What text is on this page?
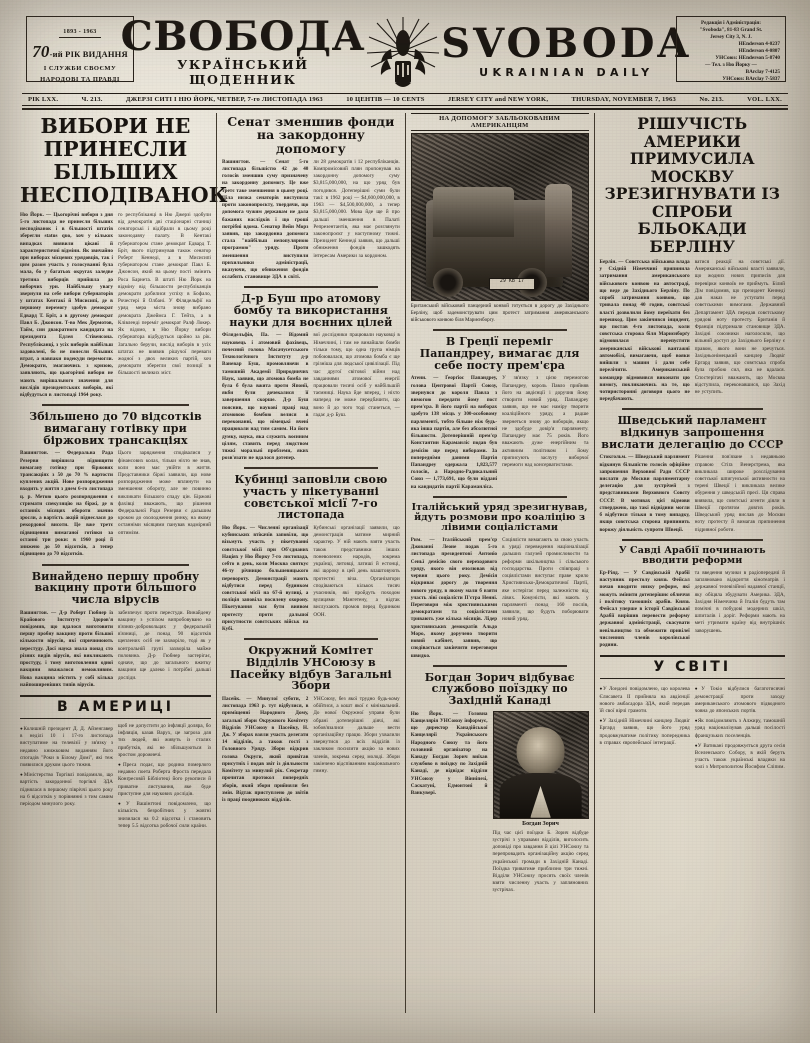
1893 - 1963
70-ий РІК ВИДАННЯ
І СЛУЖБИ СВОЄМУ
НАРОДОВІ ТА ПРАВДІ
СВОБОДА
УКРАЇНСЬКИЙ ЩОДЕННИК
SVOBODA
UKRAINIAN DAILY
Редакція і Адміністрація:
"Svoboda", 81-83 Grand St.
Jersey City 3, N. J.
HEnderson 4-0237
HEnderson 4-0807
УНСоюз: HEnderson 5-8740
— Тел. з Ню Йорку —
BArclay 7-4125
УНСоюз: BArclay 7-5837
РІК LXX.	Ч. 213.	ДЖЕРЗІ СИТІ І НЮ ЙОРК, ЧЕТВЕР, 7-го ЛИСТОПАДА 1963	10 ЦЕНТІВ — 10 CENTS	JERSEY CITY and NEW YORK,	THURSDAY, NOVEMBER 7, 1963	No. 213.	VOL. LXX.
ВИБОРИ НЕ ПРИНЕСЛИ БІЛЬШИХ НЕСПОДІВАНОК
Ню Йорк. — Цьогорічні вибори з дня 5-го листопада не принесли більших несподіванок і в більшості штатів зберегли status quo, хоч у кількох випадках виявили цікаві й характеристичні відміни. Як звичайно при виборах місцевих урядовців, так і цим разом участь у голосуванні була мала, бо у багатьох округах заледве третина виборців прийшла до виборчих урн. Найбільшу увагу звернули на себе вибори ґубернаторів у штатах Кентакі й Мисисипі, де в першому перемогу здобув демократ Едвард Т. Бріт, а в другому демократ Павл Б. Джонсон. Т-во Мек Дермотов, Тайм, син двакратного кандидата на президента Едлея Стівенсона. Республіканці, з усіх виборів найбільш задоволені, бо не понесли більших втрат, а навпаки подекуди перемогли. Демократи, змагаючись з кризою, заявляють, що цьогорічні вибори не мають вирішального значення для вислідів президентських виборів, які відбудуться в листопаді 1964 року.
го республіканці в Ню Джерзі здобули від демократів дві стаціонарні станиці сенаторські і відібрали в цьому році законодавчу палату. В Кентакі ґубернатором стане демократ Едвард Т. Бріт, якого підтримував також сенатор Роберт Кеннеді, а в Мисисипі ґубернатором стане демократ Павл Б. Джонсон, який на цьому пості змінить Роса Барнета. В штаті Ню Йорк на відміну від більшости республіканців демократи добилися успіху в Бофало, Рочестері й Олбані. У Філядельфії на уряд мера міста знову вибрано демократа Джеймса Г. Тейта, а в Клівленді переміг демократ Ралф Локер. Як відомо, в Ню Йорку вибори ґубернатора відбудуться щойно за рік. Загально беручи, вислід виборів в усіх штатах не виявив рішучої переваги жодної з двох великих партій, хоч демократи зберегли свої позиції в більшості великих міст.
Збільшено до 70 відсотків вимагану готівку при біржових трансакціях
Вашингтон. — Федеральна Рада Резерви вирішила підвищити вимагану готівку при біржових трансакціях з 50 до 70 % вартости куплених акцій. Нове розпорядження входить у життя з днем 6-го листопада ц. р. Метою цього розпорядження є стримати спекуляцію на біржі, де в останніх місяцях обороти значно зросли, а вартість акцій піднеслася до рекордової висоти. Це вже третє підвищення вимаганої готівки за останні три роки: в 1960 році її знижено до 50 відсотків, а тепер підвищено до 70 відсотків.
Цього зарядження сподівалися у фінансових колах, тільки ніхто не знав, коли воно має увійти в життя. Представники біржі заявили, що нове розпорядження може вплинути на зменшення обороту, але не повинно викликати більшого спаду цін. Біржові фахівці вважають, що рішення Федеральної Ради Резерви є дальшим кроком до охолодження ринку, на якому останніми місяцями панував надмірний оптимізм.
Винайдено першу пробну вакцину проти більшого числа вірусів
Вашингтон. — Д-р Роберт Гюбнер із Крайового Інституту Здоров'я повідомив, що вдалося виготовити першу пробну вакцину проти більшої кількости вірусів, які спричинюють перестуду. Досі наука знала понад сто різних видів вірусів, які викликають простуду, і тому виготовлення одної вакцини вважалося неможливим. Нова вакцина містить у собі кілька найпоширеніших типів вірусів.
забезпечує проти перестуди. Винайдену вакцину з успіхом випробовувано на в'язнях-добровольцях у федеральній в'язниці, де понад 90 відсотків щеплених осіб не захворіло, тоді як у контрольній групі захворіла майже половина. Д-р Гюбнер застерігає, одначе, що до загального вжитку вакцини ще далеко і потрібні дальші досліди.
В АМЕРИЦІ
● Колишній президент Д. Д. Айзенгавер в неділі 10 і 17-го листопада виступатиме на телевізії у зв'язку з недавно книжковим виданням його спогадів "Роки в Білому Домі", які теж появилися друком цього тижня.
● Міністерство Торгівлі повідомило, що вартість закордонної торгівлі ЗДА піднялася в першому півріччі цього року на 6 відсотків у порівнянні з тим самим періодом минулого року.
щоб не допустити до інфляції доляра, бо інфляція, казав Варух, це загроза для тих людей, які живуть із сталих прибутків, які не збільшуються із зростом дорожнечі.
● Преса подає, що родина померлого недавно поета Роберта Фроста передала Конґресовій Бібліотеці його рукописи й приватне листування, яке буде приступне для наукових дослідів.
● У Вашінґтоні повідомлено, що кількість безробітних у жовтні знизилася на 0.2 відсотка і становить тепер 5.5 відсотка робочої сили країни.
Сенат зменшив фонди на закордонну допомогу
Вашингтон. — Сенат 5-го листопада більшістю 42 до 40 голосів зменшив суму призначену на закордонну допомогу. Це вже третє таке зменшення в цьому році. Ціла низка сенаторів виступила проти законопроєкту, твердячи, що допомога чужим державам не дала бажаних наслідків і що гроші потрібні вдома. Сенатор Вейн Морз заявив, що закордонна допомога стала "найбільш непопулярною програмою" уряду. Проти зменшення виступили прихильники адміністрації, вказуючи, що обниження фондів ослабить становище ЗДА в світі.
ли 28 демократів і 12 республіканців. Компромісовий плян пропонував на закордонну допомогу суму $3,815,000,000, на що уряд був погодився. Дотеперішні суми були такі: в 1962 році — $4,600,000,000, в 1963 — $4,500,000,000, а тепер $3,815,000,000. Мова йде ще й про дальші зменшення в Палаті Репрезентантів, яка має розглянути законопроєкт у наступному тижні. Президент Кеннеді заявив, що дальші обниження фондів зашкодять інтересам Америки за кордоном.
Д-р Буш про атомову бомбу та використання науки для воєнних цілей
Філядельфія, Па. — Відомий науковець і атомовий фахівець, почесний голова Масачусетського Технологічного Інституту д-р Ваневар Буш, промовляючи в тамошній Академії Природничих Наук, заявив, що атомова бомба не була б була вжита проти Японії, якби були дочекалися її завершення скорше. Д-р Буш пояснив, що наукові праці над атомовою бомбою велися в переконанні, що німецькі вчені працювали над тим самим. На його думку, наука, яка служить воєнним цілям, ставить перед людством тяжкі моральні проблеми, яких розв'язати не вдалося дотепер.
вої дослідники працювали науковці в Німеччині, і там не винайшли бомби тільки тому, що одна група німців побоювалася, що атомова бомба є ще грізніша для людської цивілізації. Під час другої світової війни над завданнями атомової енергії працювали тисячі осіб у найбільшій таємниці. Наука йде вперед, і ніхто наперед не може передбачити, що воно й до чого тоді станеться, — гадає д-р Буш.
Кубинці заповіли свою участь у пікетуванні совєтської місії 7-го листопада
Ню Йорк. — Численні організації кубинських втікачів заповіли, що візьмуть участь у пікетуванні совєтської місії при Об'єднаних Націях у Ню Йорку 7-го листопада, себто в день, коли Москва святкує 46-ту річницю большевицького перевороту. Демонстрації мають відбутися перед будинком совєтської місії на 67-й вулиці, а поліція заповіла посилену охорону. Пікетування має бути виявом протесту проти дальшої присутности совєтських військ на Кубі.
Кубинські організації заявили, що демонстрація матиме мирний характер. У ній мають взяти участь також представники інших поневолених народів, зокрема українці, литовці, латиші й естонці, які щороку в цей день влаштовують протестні віча. Організатори сподіваються кількох тисяч учасників, які пройдуть походом вулицями Мангетену, а відтак вислухають промов перед будинком ООН.
Окружний Комітет Відділів УНСоюзу в Пасейку відбув Загальні Збори
Пасейк. — Минулої суботи, 2 листопада 1963 р. тут відбулися, в приміщенні Народного Дому, загальні збори Окружного Комітету Відділів УНСоюзу в Пасейку, Н. Дж. У зборах взяли участь делегати 14 відділів, а також гості з Головного Уряду. Збори відкрив голова Округи, який привітав присутніх і подав звіт із діяльности Комітету за минулий рік. Секретар прочитав протокол попередніх зборів, який збори прийняли без змін. Відтак приступлено до звітів із праці поодиноких відділів.
УНСоюзу, без якої трудно будь-кому обійтися, а кошт якої є мінімальний. До нової Окружної управи були обрані дотеперішні діячі, які зобов'язалися дальше вести організаційну працю. Збори ухвалили звернутися до всіх відділів із закликом посилити акцію за нових членів, зокрема серед молоді. Збори закінчено відспіванням національного гимну.
НА ДОПОМОГУ ЗАБЛЬОКОВАНИМ АМЕРИКАНЦЯМ
29 KB 17
Британський військовий панцерний конвой готується в дорогу до Західнього Берліну, щоб задемонструвати цим протест затримання американського військового конвою біля Мариєнборґу.
В Греції переміг Папандреу, вимагає для себе посту прем'єра
Атени. — Ґеорґіос Папандреу, голова Центрової Партії Союзу, звернувся до короля Павла з вимогою передати йому пост прем'єра. В його партії на виборах здобуто 138 місць у 300-особовому парляменті, тобто більше ніж будь-яка інша партія, але без абсолютної більшости. Дотеперішній прем'єр Константин Караманліс подав був демісію ще перед виборами. За попередніми даними Партія Папандреу одержала 1,823,577 голосів, а Народно-Радикальний Союз — 1,773,691, що були віддані на кандидатів партії Караманліса.
У зв'язку з цією перемогою Папандреу, король Павло прийняв його на авдієнції і доручив йому створити новий уряд. Папандреу заявив, що не має наміру творити коаліційного уряду, а радше звернеться знову до виборців, якщо не здобуде довір'я парляменту. Папандреу має 75 років. Його вважають дуже енергійним та активним політиком і йому приписують заслугу виборчої перемоги над консерватистами.
Італійський уряд зрезигнував, йдуть розмови про коаліцію з лівими соціалістами
Рим. — Італійський прем'єр Джованні Леоне подав 5-го листопада президентові Антоніо Сеньї демісію свого переходового уряду, якого він очолював від червня цього року. Демісія відкриває дорогу до творення нового уряду, в якому мали б взяти участь ліві соціалісти П'єтра Ненні. Переговори між християнськими демократами та соціалістами тривають уже кілька місяців. Лідер християнських демократів Альдо Моро, якому доручено творити новий кабінет, заявив, що сподівається закінчити переговори швидко.
Соціялісти вимагають за свою участь в уряді переведення націоналізації дальших галузей промисловости та реформи шкільництва і сільського господарства. Проти співпраці з соціялістами виступає праве крило Християнсько-Демократичної Партії, яке остерігає перед залежністю від лівих. Комуністи, які мають у парляменті понад 160 послів, заявили, що будуть поборювати новий уряд.
Богдан Зорич відбуває службово поїздку по Західній Канаді
Ню Йорк. — Головна Канцелярія УНСоюзу інформує, що директор Канадійської Канцелярії Українського Народного Союзу та його головний організатор на Канаду Богдан Зорич виїхав службово в поїздку по Західній Канаді, де відвідає відділи УНСоюзу у Вінніпезі, Саскатуні, Едмонтоні й Ванкувері.
Богдан Зорич
Під час цієї поїздки Б. Зорич відбуде зустрічі з управами відділів, виголосить доповіді про завдання й цілі УНСоюзу та перепровадить організаційну акцію серед української громади в Західній Канаді. Поїздка триватиме приблизно три тижні. Відділи УНСоюзу просять своїх членів взяти численну участь у запляновних зустрічах.
РІШУЧІСТЬ АМЕРИКИ ПРИМУСИЛА МОСКВУ ЗРЕЗИГНУВАТИ ІЗ СПРОБИ БЛЬОКАДИ БЕРЛІНУ
Берлін. — Совєтська військова влада у Східній Німеччині припинила затримання американського військового конвою на автостраді, що веде до Західнього Берліну. По спробі затримання конвою, що тривала понад 40 годин, совєтські власті дозволили йому переїхати без перешкод. Цим закінчився інцидент, що постав 4-го листопада, коли совєтська сторожа біля Мариєнборґу відмовилася перепустити американські військові вантажні автомобілі, вимагаючи, щоб вояки вийшли з машин і дали себе перелічити. Американський командир відмовився виконати цю вимогу, покликаючись на те, що чотиристоронні договори цього не передбачають.
ватися реакції на совєтські дії. Американські військові власті заявили, що жодних нових приписів для перевірки конвоїв не приймуть. Білий Дім повідомив, що президент Кеннеді дав наказ не уступати перед совєтськими вимогами. Державний Департамент ЗДА передав совєтському урядові ноту протесту. Британія й Франція підтримали становище ЗДА. Західні союзники наголосили, що вільний доступ до Західнього Берліну є правом, якого вони не зречуться. Західньонімецький канцлер Людвіґ Ергард заявив, що совєтська спроба була пробою сил, яка не вдалася. Спостерігачі вважають, що Москва відступила, переконавшися, що Захід не уступить.
Шведський парламент відкинув запрошення вислати делегацію до СССР
Стокгольм. — Шведський парлямент відкинув більшістю голосів офіційне запрошення Верховної Ради СССР вислати до Москви парляментарну делегацію для зустрічей з представниками Верховного Совєту СССР. В мотивах цієї відмови стверджено, що такі відвідини могли б відбутися тільки в тому випадку, якщо совєтська сторона припинить ворожу діяльність супроти Швеції.
Рішення пов'язане з недавньою справою Стіґа Венерстрема, яка викликала широке розслідування совєтської шпигунської активности на терені Швеції і викликала велике обурення у шведській пресі. Ця справа виявила, що совєтські агенти діяли в Швеції протягом довгих років. Шведський уряд вислав до Москви ноту протесту й вимагав припинення підривної роботи.
У Савді Арабії починають вводити реформи
Ер-Ріяд. — У Савдівській Арабії наступник престолу князь Фейсал почав вводити низку реформ, які можуть змінити дотеперішнє обличчя і політику тамошніх арабів. Князь Фейсал уперше в історії Савдівської Арабії вирішив перевести реформу державної адміністрації, скасувати невільництво та обмежити привілеї численних членів королівської родини.
та введення музики в радіопередачі й запляновано відкриття кінотеатрів і державної телевізійної надавчої станції, яку обіцяла збудувати Америка. ЗДА, Західня Німеччина й Італія будуть там помічні в побудові модерних шкіл, шпиталів і доріг. Реформи мають на меті утримати країну від внутрішніх заворушень.
У СВІТІ
● У Лондоні повідомлено, що королева Єлисавета II прийняла на авдієнції нового амбасадора ЗДА, який передав їй свої вірчі грамоти.
● У Західній Німеччині канцлер Людвіґ Ергард заявив, що його уряд продовжуватиме політику попередника в справах європейської інтеґрації.
● У Токіо відбулися багатотисячні демонстрації проти заходу американського атомового підводного човна до японських портів.
● Як повідомляють з Алжиру, тамошній уряд націоналізував дальші посілості французьких поселенців.
● У Ватикані продовжується друга сесія Вселенського Собору, в якій беруть участь також українські владики на чолі з Митрополитом Йосифом Сліпим.
